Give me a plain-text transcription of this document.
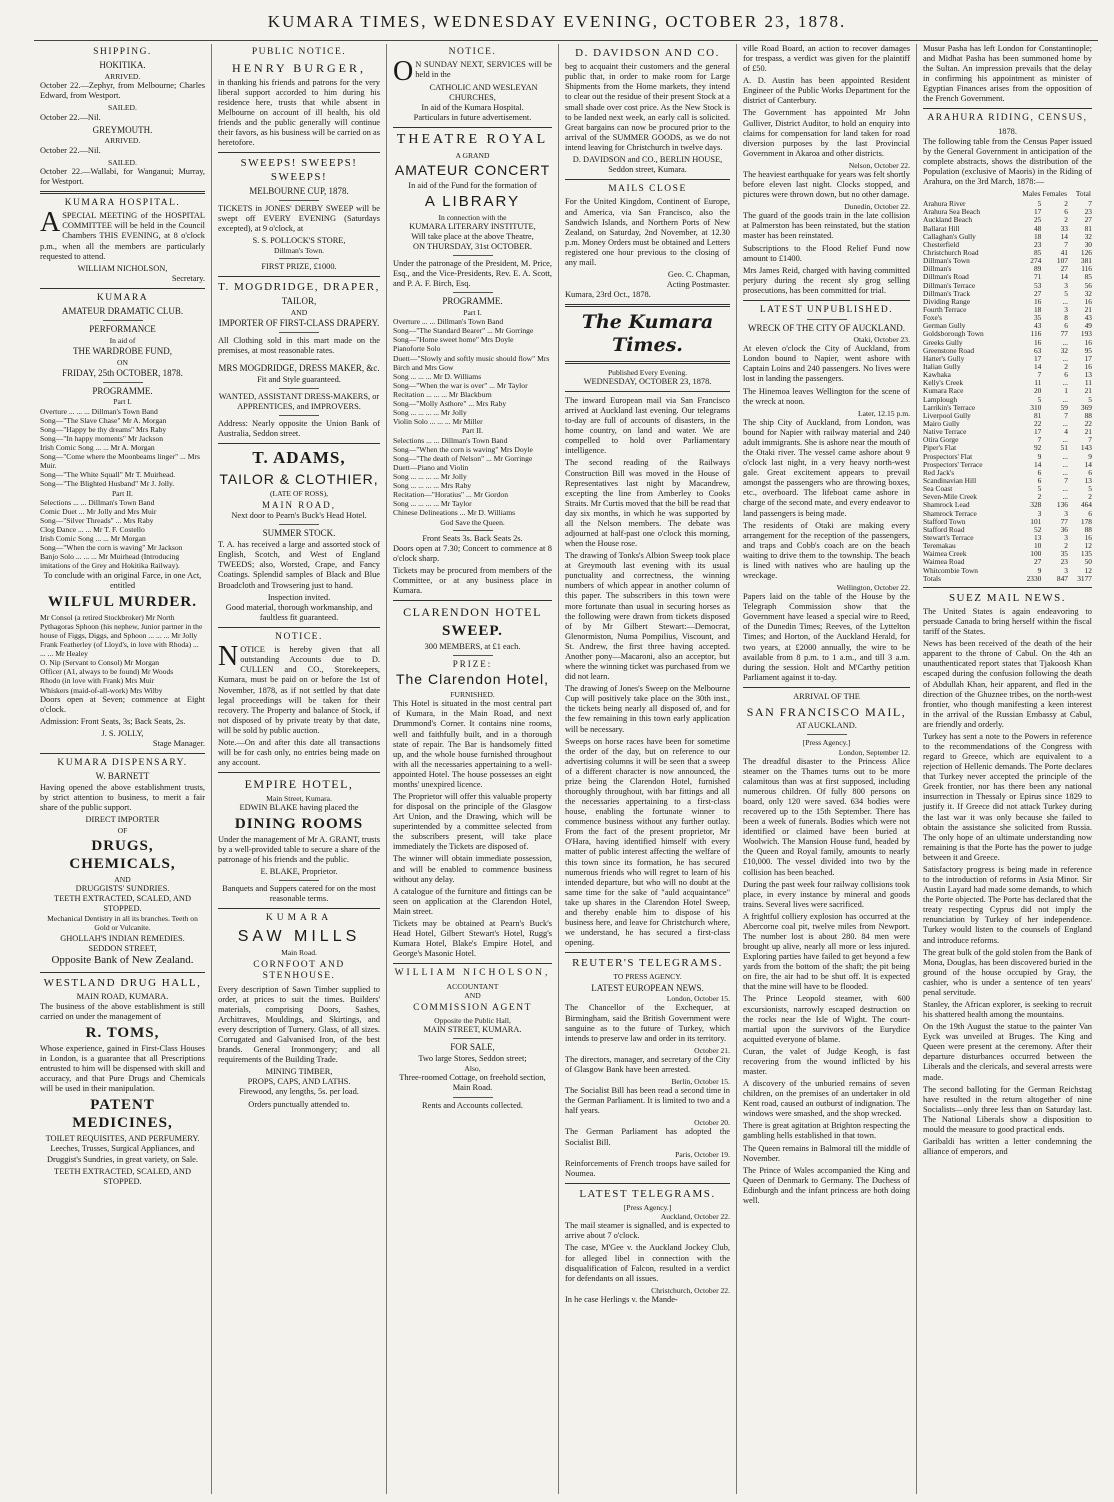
KUMARA TIMES, WEDNESDAY EVENING, OCTOBER 23, 1878.
SHIPPING.
HOKITIKA.
ARRIVED.

October 22.—Zephyr, from Melbourne; Charles Edward, from Westport.

SAILED.

October 22.—Nil.

GREYMOUTH.
ARRIVED.

October 22.—Nil.

SAILED.

October 22.—Wallabi, for Wanganui; Murray, for Westport.

KUMARA HOSPITAL.

ASPECIAL MEETING of the HOSPITAL COMMITTEE will be held in the Council Chambers THIS EVENING, at 8 o'clock p.m., when all the members are particularly requested to attend.

WILLIAM NICHOLSON,
Secretary.
KUMARA
AMATEUR DRAMATIC CLUB.
PERFORMANCE
In aid of
THE WARDROBE FUND,
ON
FRIDAY, 25th OCTOBER, 1878.
PROGRAMME.
Part I.

Overture ... ... ... Dillman's Town Band

Song—"The Slave Chase" Mr A. Morgan

Song—"Happy be thy dreams" Mrs Raby

Song—"In happy moments" Mr Jackson

Irish Comic Song ... ... Mr A. Morgan

Song—"Come where the Moonbeams linger" ... Mrs Muir.

Song—"The White Squall" Mr T. Muirhead.

Song—"The Blighted Husband" Mr J. Jolly.

Part II.

Selections ... ... Dillman's Town Band

Comic Duet ... Mr Jolly and Mrs Muir

Song—"Silver Threads" ... Mrs Raby

Clog Dance ... ... Mr T. F. Costello

Irish Comic Song ... ... Mr Morgan

Song—"When the corn is waving" Mr Jackson

Banjo Solo ... ... ... Mr Muirhead (Introducing imitations of the Grey and Hokitika Railway).

To conclude with an original Farce, in one Act, entitled

WILFUL MURDER.

Mr Consol (a retired Stockbroker) Mr North

Pythagoras Sphoon (his nephew, Junior partner in the house of Figgs, Diggs, and Sphoon ... ... ... Mr Jolly

Frank Featherley (of Lloyd's, in love with Rhoda) ... ... ... Mr Healey

O. Nip (Servant to Consol) Mr Morgan

Officer (A1, always to be found) Mr Woods

Rhodo (in love with Frank) Mrs Muir

Whiskers (maid-of-all-work) Mrs Wilby

Doors open at Seven; commence at Eight o'clock.

Admission: Front Seats, 3s; Back Seats, 2s.

J. S. JOLLY,
Stage Manager.
KUMARA DISPENSARY.
W. BARNETT

Having opened the above establishment trusts, by strict attention to business, to merit a fair share of the public support.

DIRECT IMPORTER
OF
DRUGS, CHEMICALS,
AND
DRUGGISTS' SUNDRIES.
TEETH EXTRACTED, SCALED, AND STOPPED.

Mechanical Dentistry in all its branches. Teeth on Gold or Vulcanite.

GHOLLAH'S INDIAN REMEDIES.
SEDDON STREET,
Opposite Bank of New Zealand.
WESTLAND DRUG HALL,
MAIN ROAD, KUMARA.

The business of the above establishment is still carried on under the management of

R. TOMS,

Whose experience, gained in First-Class Houses in London, is a guarantee that all Prescriptions entrusted to him will be dispensed with skill and accuracy, and that Pure Drugs and Chemicals will be used in their manipulation.

PATENT MEDICINES,
TOILET REQUISITES, AND PERFUMERY.

Leeches, Trusses, Surgical Appliances, and Druggist's Sundries, in great variety, on Sale.

TEETH EXTRACTED, SCALED, AND STOPPED.
PUBLIC NOTICE.
HENRY BURGER,

in thanking his friends and patrons for the very liberal support accorded to him during his residence here, trusts that while absent in Melbourne on account of ill health, his old friends and the public generally will continue their favors, as his business will be carried on as heretofore.

SWEEPS! SWEEPS! SWEEPS!
MELBOURNE CUP, 1878.

TICKETS in JONES' DERBY SWEEP will be swept off EVERY EVENING (Saturdays excepted), at 9 o'clock, at

S. S. POLLOCK'S STORE,
Dillman's Town.
FIRST PRIZE, £1000.
T. MOGDRIDGE, DRAPER,
TAILOR,
AND
IMPORTER OF FIRST-CLASS DRAPERY.

All Clothing sold in this mart made on the premises, at most reasonable rates.

MRS MOGDRIDGE, DRESS MAKER, &c.
Fit and Style guaranteed.
WANTED, ASSISTANT DRESS-MAKERS, or APPRENTICES, and IMPROVERS.

Address: Nearly opposite the Union Bank of Australia, Seddon street.

T. ADAMS,
TAILOR & CLOTHIER,
(LATE OF ROSS),
MAIN ROAD,
Next door to Pearn's Buck's Head Hotel.
SUMMER STOCK.

T. A. has received a large and assorted stock of English, Scotch, and West of England TWEEDS; also, Worsted, Crape, and Fancy Coatings. Splendid samples of Black and Blue Broadcloth and Trowsering just to hand.

Inspection invited.

Good material, thorough workmanship, and faultless fit guaranteed.

NOTICE.

NOTICE is hereby given that all outstanding Accounts due to D. CULLEN and CO., Storekeepers, Kumara, must be paid on or before the 1st of November, 1878, as if not settled by that date legal proceedings will be taken for their recovery. The Property and balance of Stock, if not disposed of by private treaty by that date, will be sold by public auction.

Note.—On and after this date all transactions will be for cash only, no entries being made on any account.

EMPIRE HOTEL,
Main Street, Kumara.
EDWIN BLAKE having placed the
DINING ROOMS

Under the management of Mr A. GRANT, trusts by a well-provided table to secure a share of the patronage of his friends and the public.

E. BLAKE, Proprietor.

Banquets and Suppers catered for on the most reasonable terms.

KUMARA
SAW MILLS
Main Road.
CORNFOOT AND STENHOUSE.

Every description of Sawn Timber supplied to order, at prices to suit the times. Builders' materials, comprising Doors, Sashes, Architraves, Mouldings, and Skirtings, and every description of Turnery. Glass, of all sizes. Corrugated and Galvanised Iron, of the best brands. General Ironmongery; and all requirements of the Building Trade.

MINING TIMBER,
PROPS, CAPS, AND LATHS.

Firewood, any lengths, 5s. per load.

Orders punctually attended to.
NOTICE.

ON SUNDAY NEXT, SERVICES will be held in the

CATHOLIC AND WESLEYAN CHURCHES,
In aid of the Kumara Hospital.
Particulars in future advertisement.
THEATRE ROYAL
A GRAND
AMATEUR CONCERT
In aid of the Fund for the formation of
A LIBRARY
In connection with the
KUMARA LITERARY INSTITUTE,
Will take place at the above Theatre,
ON THURSDAY, 31st OCTOBER.

Under the patronage of the President, M. Price, Esq., and the Vice-Presidents, Rev. E. A. Scott, and P. A. F. Birch, Esq.

PROGRAMME.
Part I.

Overture ... ... Dillman's Town Band

Song—"The Standard Bearer" ... Mr Gorringe

Song—"Home sweet home" Mrs Doyle

Pianoforte Solo

Duett—"Slowly and softly music should flow" Mrs Birch and Mrs Gow

Song ... ... ... Mr D. Williams

Song—"When the war is over" ... Mr Taylor

Recitation ... ... ... Mr Blackburn

Song—"Molly Asthore" ... Mrs Raby

Song ... ... ... ... Mr Jolly

Violin Solo ... ... ... Mr Miller

Part II.

Selections ... ... Dillman's Town Band

Song—"When the corn is waving" Mrs Doyle

Song—"The death of Nelson" ... Mr Gorringe

Duett—Piano and Violin

Song ... ... ... ... Mr Jolly

Song ... ... ... ... Mrs Raby

Recitation—"Horatius" ... Mr Gordon

Song ... ... ... ... Mr Taylor

Chinese Delineations ... Mr D. Williams

God Save the Queen.
Front Seats 3s. Back Seats 2s.

Doors open at 7.30; Concert to commence at 8 o'clock sharp.

Tickets may be procured from members of the Committee, or at any business place in Kumara.

CLARENDON HOTEL
SWEEP.
300 MEMBERS, at £1 each.
PRIZE:
The Clarendon Hotel,
FURNISHED.

This Hotel is situated in the most central part of Kumara, in the Main Road, and next Drummond's Corner. It contains nine rooms, well and faithfully built, and in a thorough state of repair. The Bar is handsomely fitted up, and the whole house furnished throughout with all the necessaries appertaining to a well-appointed Hotel. The house possesses an eight months' unexpired licence.

The Proprietor will offer this valuable property for disposal on the principle of the Glasgow Art Union, and the Drawing, which will be superintended by a committee selected from the subscribers present, will take place immediately the Tickets are disposed of.

The winner will obtain immediate possession, and will be enabled to commence business without any delay.

A catalogue of the furniture and fittings can be seen on application at the Clarendon Hotel, Main street.

Tickets may be obtained at Pearn's Buck's Head Hotel, Gilbert Stewart's Hotel, Rugg's Kumara Hotel, Blake's Empire Hotel, and George's Masonic Hotel.

WILLIAM NICHOLSON,
ACCOUNTANT
AND
COMMISSION AGENT
Opposite the Public Hall,
MAIN STREET, KUMARA.
FOR SALE,
Two large Stores, Seddon street;
Also,

Three-roomed Cottage, on freehold section, Main Road.

Rents and Accounts collected.
D. DAVIDSON AND CO.

beg to acquaint their customers and the general public that, in order to make room for Large Shipments from the Home markets, they intend to clear out the residue of their present Stock at a small shade over cost price. As the New Stock is to be landed next week, an early call is solicited. Great bargains can now be procured prior to the arrival of the SUMMER GOODS, as we do not intend leaving for Christchurch in twelve days.

D. DAVIDSON and CO., BERLIN HOUSE, Seddon street, Kumara.

MAILS CLOSE

For the United Kingdom, Continent of Europe, and America, via San Francisco, also the Sandwich Islands, and Northern Ports of New Zealand, on Saturday, 2nd November, at 12.30 p.m. Money Orders must be obtained and Letters registered one hour previous to the closing of any mail.

Geo. C. Chapman,
Acting Postmaster.
Kumara, 23rd Oct., 1878.
The Kumara Times.
Published Every Evening.
WEDNESDAY, OCTOBER 23, 1878.

The inward European mail via San Francisco arrived at Auckland last evening. Our telegrams to-day are full of accounts of disasters, in the home country, on land and water. We are compelled to hold over Parliamentary intelligence.

The second reading of the Railways Construction Bill was moved in the House of Representatives last night by Macandrew, excepting the line from Amberley to Cooks Straits. Mr Curtis moved that the bill be read that day six months, in which he was supported by all the Nelson members. The debate was adjourned at half-past one o'clock this morning, when the House rose.

The drawing of Tonks's Albion Sweep took place at Greymouth last evening with its usual punctuality and correctness, the winning numbers of which appear in another column of this paper. The subscribers in this town were more fortunate than usual in securing horses as the following were drawn from tickets disposed of by Mr Gilbert Stewart:—Democrat, Glenormiston, Numa Pompilius, Viscount, and St. Andrew, the first three having accepted. Another pony—Macaroni, also an acceptor, but where the winning ticket was purchased from we did not learn.

The drawing of Jones's Sweep on the Melbourne Cup will positively take place on the 30th inst., the tickets being nearly all disposed of, and for the few remaining in this town early application will be necessary.

Sweeps on horse races have been for sometime the order of the day, but on reference to our advertising columns it will be seen that a sweep of a different character is now announced, the prize being the Clarendon Hotel, furnished thoroughly throughout, with bar fittings and all the necessaries appertaining to a first-class house, enabling the fortunate winner to commence business without any further outlay. From the fact of the present proprietor, Mr O'Hara, having identified himself with every matter of public interest affecting the welfare of this town since its formation, he has secured numerous friends who will regret to learn of his intended departure, but who will no doubt at the same time for the sake of "auld acquaintance" take up shares in the Clarendon Hotel Sweep, and thereby enable him to dispose of his business here, and leave for Christchurch where, we understand, he has secured a first-class opening.

REUTER'S TELEGRAMS.
TO PRESS AGENCY.
LATEST EUROPEAN NEWS.
London, October 15.

The Chancellor of the Exchequer, at Birmingham, said the British Government were sanguine as to the future of Turkey, which intends to preserve law and order in its territory.

October 21.

The directors, manager, and secretary of the City of Glasgow Bank have been arrested.

Berlin, October 15.

The Socialist Bill has been read a second time in the German Parliament. It is limited to two and a half years.

October 20.

The German Parliament has adopted the Socialist Bill.

Paris, October 19.

Reinforcements of French troops have sailed for Noumea.

LATEST TELEGRAMS.
[Press Agency.]
Auckland, October 22.

The mail steamer is signalled, and is expected to arrive about 7 o'clock.

The case, M'Gee v. the Auckland Jockey Club, for alleged libel in connection with the disqualification of Falcon, resulted in a verdict for defendants on all issues.

Christchurch, October 22.

In he case Herlings v. the Mande-

ville Road Board, an action to recover damages for trespass, a verdict was given for the plaintiff of £50.

A. D. Austin has been appointed Resident Engineer of the Public Works Department for the district of Canterbury.

The Government has appointed Mr John Gulliver, District Auditor, to hold an enquiry into claims for compensation for land taken for road diversion purposes by the last Provincial Government in Akaroa and other districts.

Nelson, October 22.

The heaviest earthquake for years was felt shortly before eleven last night. Clocks stopped, and pictures were thrown down, but no other damage.

Dunedin, October 22.

The guard of the goods train in the late collision at Palmerston has been reinstated, but the station master has been reinstated.

Subscriptions to the Flood Relief Fund now amount to £1400.

Mrs James Reid, charged with having committed perjury during the recent sly grog selling prosecutions, has been committed for trial.

LATEST UNPUBLISHED.
WRECK OF THE CITY OF AUCKLAND.
Otaki, October 23.

At eleven o'clock the City of Auckland, from London bound to Napier, went ashore with Captain Loins and 240 passengers. No lives were lost in landing the passengers.

The Hinemoa leaves Wellington for the scene of the wreck at noon.

Later, 12.15 p.m.

The ship City of Auckland, from London, was bound for Napier with railway material and 240 adult immigrants. She is ashore near the mouth of the Otaki river. The vessel came ashore about 9 o'clock last night, in a very heavy north-west gale. Great excitement appears to prevail amongst the passengers who are throwing boxes, etc., overboard. The lifeboat came ashore in charge of the second mate, and every endeavor to land passengers is being made.

The residents of Otaki are making every arrangement for the reception of the passengers, and traps and Cobb's coach are on the beach waiting to drive them to the township. The beach is lined with natives who are hauling up the wreckage.

Wellington, October 22.

Papers laid on the table of the House by the Telegraph Commission show that the Government have leased a special wire to Reed, of the Dunedin Times; Reeves, of the Lyttelton Times; and Horton, of the Auckland Herald, for two years, at £2000 annually, the wire to be available from 8 p.m. to 1 a.m., and till 3 a.m. during the session. Holt and M'Carthy petition Parliament against it to-day.

ARRIVAL OF THE
SAN FRANCISCO MAIL,
AT AUCKLAND.
[Press Agency.]
London, September 12.

The dreadful disaster to the Princess Alice steamer on the Thames turns out to be more calamitous than was at first supposed, including numerous children. Of fully 800 persons on board, only 120 were saved. 634 bodies were recovered up to the 15th September. There has been a week of funerals. Bodies which were not identified or claimed have been buried at Woolwich. The Mansion House fund, headed by the Queen and Royal family, amounts to nearly £10,000. The vessel divided into two by the collision has been beached.

During the past week four railway collisions took place, in every instance by mineral and goods trains. Several lives were sacrificed.

A frightful colliery explosion has occurred at the Abercorne coal pit, twelve miles from Newport. The number lost is about 280. 84 men were brought up alive, nearly all more or less injured. Exploring parties have failed to get beyond a few yards from the bottom of the shaft; the pit being on fire, the air had to be shut off. It is expected that the mine will have to be flooded.

The Prince Leopold steamer, with 600 excursionists, narrowly escaped destruction on the rocks near the Isle of Wight. The court-martial upon the survivors of the Eurydice acquitted everyone of blame.

Curan, the valet of Judge Keogh, is fast recovering from the wound inflicted by his master.

A discovery of the unburied remains of seven children, on the premises of an undertaker in old Kent road, caused an outburst of indignation. The windows were smashed, and the shop wrecked.

There is great agitation at Brighton respecting the gambling hells established in that town.

The Queen remains in Balmoral till the middle of November.

The Prince of Wales accompanied the King and Queen of Denmark to Germany. The Duchess of Edinburgh and the infant princess are both doing well.

Musur Pasha has left London for Constantinople; and Midhat Pasha has been summoned home by the Sultan. An impression prevails that the delay in confirming his appointment as minister of Egyptian Finances arises from the opposition of the French Government.

ARAHURA RIDING, CENSUS,
1878.

The following table from the Census Paper issued by the General Government in anticipation of the complete abstracts, shows the distribution of the Population (exclusive of Maoris) in the Riding of Arahura, on the 3rd March, 1878:—

	Males	Females	Total
Arahura River	5	2	7
Arahura Sea Beach	17	6	23
Auckland Beach	25	2	27
Ballarat Hill	48	33	81
Callaghan's Gully	18	14	32
Chesterfield	23	7	30
Christchurch Road	85	41	126
Dillman's Town	274	107	381
Dillman's	89	27	116
Dillman's Road	71	14	85
Dillman's Terrace	53	3	56
Dillman's Track	27	5	32
Dividing Range	16	...	16
Fourth Terrace	18	3	21
Foxe's	35	8	43
German Gully	43	6	49
Goldsborough Town	116	77	193
Greeks Gully	16	...	16
Greenstone Road	63	32	95
Hatter's Gully	17	...	17
Italian Gully	14	2	16
Kawhaka	7	6	13
Kelly's Creek	11	...	11
Kumara Race	20	1	21
Lamplough	5	...	5
Larrikin's Terrace	310	59	369
Liverpool Gully	81	7	88
Mairo Gully	22	...	22
Native Terrace	17	4	21
Otira Gorge	7	...	7
Piper's Flat	92	51	143
Prospectors' Flat	9	...	9
Prospectors' Terrace	14	...	14
Red Jack's	6	...	6
Scandinavian Hill	6	7	13
Sea Coast	5	...	5
Seven-Mile Creek	2	...	2
Shamrock Lead	328	136	464
Shamrock Terrace	3	3	6
Stafford Town	101	77	178
Stafford Road	52	36	88
Stewart's Terrace	13	3	16
Teremakau	10	2	12
Waimea Creek	100	35	135
Waimea Road	27	23	50
Whitcombie Town	9	3	12
Totals	2330	847	3177
SUEZ MAIL NEWS.

The United States is again endeavoring to persuade Canada to bring herself within the fiscal tariff of the States.

News has been received of the death of the heir apparent to the throne of Cabul. On the 4th an unauthenticated report states that Tjakoosh Khan escaped during the confusion following the death of Abdullah Khan, heir apparent, and fled in the direction of the Ghuznee tribes, on the north-west frontier, who though manifesting a keen interest in the arrival of the Russian Embassy at Cabul, are friendly and orderly.

Turkey has sent a note to the Powers in reference to the recommendations of the Congress with regard to Greece, which are equivalent to a rejection of Hellenic demands. The Porte declares that Turkey never accepted the principle of the Greek frontier, nor has there been any national insurrection in Thessaly or Epirus since 1829 to justify it. If Greece did not attack Turkey during the last war it was only because she failed to obtain the assistance she solicited from Russia. The only hope of an ultimate understanding now remaining is that the Porte has the power to judge between it and Greece.

Satisfactory progress is being made in reference to the introduction of reforms in Asia Minor. Sir Austin Layard had made some demands, to which the Porte objected. The Porte has declared that the treaty respecting Cyprus did not imply the renunciation by Turkey of her independence. Turkey would listen to the counsels of England and introduce reforms.

The great bulk of the gold stolen from the Bank of Mona, Douglas, has been discovered buried in the ground of the house occupied by Gray, the cashier, who is under a sentence of ten years' penal servitude.

Stanley, the African explorer, is seeking to recruit his shattered health among the mountains.

On the 19th August the statue to the painter Van Eyck was unveiled at Bruges. The King and Queen were present at the ceremony. After their departure disturbances occurred between the Liberals and the clericals, and several arrests were made.

The second balloting for the German Reichstag have resulted in the return altogether of nine Socialists—only three less than on Saturday last. The National Liberals show a disposition to mould the measure to good practical ends.

Garibaldi has written a letter condemning the alliance of emperors, and
